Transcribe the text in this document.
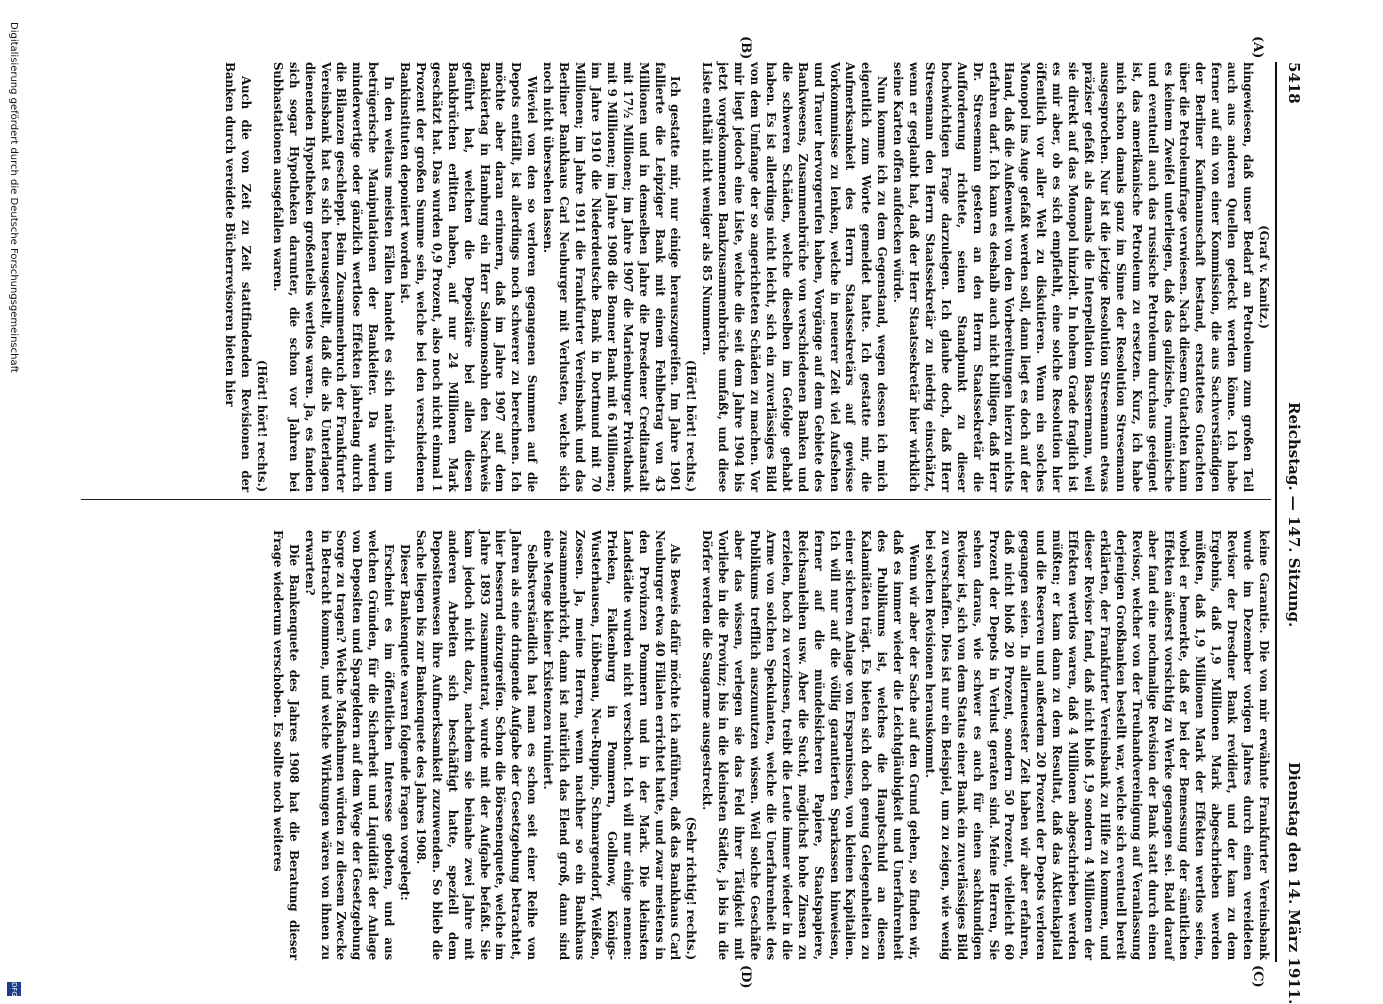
5418
Reichstag. — 147. Sitzung.
Dienstag den 14. März 1911.
(A)
(B)
(C)
(D)

(Graf v. Kanitz.)

hingewiesen, daß unser Bedarf an Petroleum zum großen Teil auch aus anderen Quellen gedeckt werden könne. Ich habe ferner auf ein von einer Kommission, die aus Sachverständigen der Berliner Kaufmannschaft bestand, erstattetes Gutachten über die Petroleumfrage verwiesen. Nach diesem Gutachten kann es keinem Zweifel unterliegen, daß das galizische, rumänische und eventuell auch das russische Petroleum durchaus geeignet ist, das amerikanische Petroleum zu ersetzen. Kurz, ich habe mich schon damals ganz im Sinne der Resolution Stresemann ausgesprochen. Nur ist die jetzige Resolution Stresemann etwas präziser gefaßt als damals die Interpellation Bassermann, weil sie direkt auf das Monopol hinzielt. In hohem Grade fraglich ist es mir aber, ob es sich empfiehlt, eine solche Resolution hier öffentlich vor aller Welt zu diskutieren. Wenn ein solches Monopol ins Auge gefaßt werden soll, dann liegt es doch auf der Hand, daß die Außenwelt von den Vorbereitungen hierzu nichts erfahren darf. Ich kann es deshalb auch nicht billigen, daß Herr Dr. Stresemann gestern an den Herrn Staatssekretär die Aufforderung richtete, seinen Standpunkt zu dieser hochwichtigen Frage darzulegen. Ich glaube doch, daß Herr Stresemann den Herrn Staatssekretär zu niedrig einschätzt, wenn er geglaubt hat, daß der Herr Staatssekretär hier wirklich seine Karten offen aufdecken würde.

Nun komme ich zu dem Gegenstand, wegen dessen ich mich eigentlich zum Worte gemeldet hatte. Ich gestatte mir, die Aufmerksamkeit des Herrn Staatssekretärs auf gewisse Vorkommnisse zu lenken, welche in neuerer Zeit viel Aufsehen und Trauer hervorgerufen haben, Vorgänge auf dem Gebiete des Bankwesens, Zusammenbrüche von verschiedenen Banken und die schweren Schäden, welche dieselben im Gefolge gehabt haben. Es ist allerdings nicht leicht, sich ein zuverlässiges Bild von dem Umfange der so angerichteten Schäden zu machen. Vor mir liegt jedoch eine Liste, welche die seit dem Jahre 1904 bis jetzt vorgekommenen Bankzusammenbrüche umfaßt, und diese Liste enthält nicht weniger als 85 Nummern.

(Hört! hört! rechts.)

Ich gestatte mir, nur einige herauszugreifen. Im Jahre 1901 fallierte die Leipziger Bank mit einem Fehlbetrag von 43 Millionen und in demselben Jahre die Dresdener Creditanstalt mit 17½ Millionen; im Jahre 1907 die Marienburger Privatbank mit 9 Millionen; im Jahre 1908 die Bonner Bank mit 6 Millionen; im Jahre 1910 die Niederdeutsche Bank in Dortmund mit 70 Millionen; im Jahre 1911 die Frankfurter Vereinsbank und das Berliner Bankhaus Carl Neuburger mit Verlusten, welche sich noch nicht übersehen lassen.

Wieviel von den so verloren gegangenen Summen auf die Depots entfällt, ist allerdings noch schwerer zu berechnen. Ich möchte aber daran erinnern, daß im Jahre 1907 auf dem Bankiertag in Hamburg ein Herr Salomonsohn den Nachweis geführt hat, welchen die Depositäre bei allen diesen Bankbrüchen erlitten haben, auf nur 24 Millionen Mark geschätzt hat. Das wurden 0,9 Prozent, also noch nicht einmal 1 Prozent der großen Summe sein, welche bei den verschiedenen Bankinstituten deponiert worden ist.

In den weitaus meisten Fällen handelt es sich natürlich um betrügerische Manipulationen der Bankleiter. Da wurden minderwertige oder gänzlich wertlose Effekten jahrelang durch die Bilanzen geschleppt. Beim Zusammenbruch der Frankfurter Vereinsbank hat es sich herausgestellt, daß die als Unterlagen dienenden Hypotheken großenteils wertlos waren. Ja, es fanden sich sogar Hypotheken darunter, die schon vor Jahren bei Subhastationen ausgefallen waren.

(Hört! hört! rechts.)

Auch die von Zeit zu Zeit stattfindenden Revisionen der Banken durch vereidete Bücherrevisoren bieten hier

keine Garantie. Die von mir erwähnte Frankfurter Vereinsbank wurde im Dezember vorigen Jahres durch einen vereideten Revisor der Dresdner Bank revidiert, und der kam zu dem Ergebnis, daß 1,9 Millionen Mark abgeschrieben werden müßten, daß 1,9 Millionen Mark der Effekten wertlos seien, wobei er bemerkte, daß er bei der Bemessung der sämtlichen Effekten äußerst vorsichtig zu Werke gegangen sei. Bald darauf aber fand eine nochmalige Revision der Bank statt durch einen Revisor, welcher von der Treuhandvereinigung auf Veranlassung derjenigen Großbanken bestellt war, welche sich eventuell bereit erklärten, der Frankfurter Vereinsbank zu Hilfe zu kommen, und dieser Revisor fand, daß nicht bloß 1,9 sondern 4 Millionen der Effekten wertlos waren, daß 4 Millionen abgeschrieben werden müßten; er kam dann zu dem Resultat, daß das Aktienkapital und die Reserven und außerdem 20 Prozent der Depots verloren gegangen seien. In allerneuester Zeit haben wir aber erfahren, daß nicht bloß 20 Prozent, sondern 50 Prozent, vielleicht 60 Prozent der Depots in Verlust geraten sind. Meine Herren, Sie sehen daraus, wie schwer es auch für einen sachkundigen Revisor ist, sich von dem Status einer Bank ein zuverlässiges Bild zu verschaffen. Dies ist nur ein Beispiel, um zu zeigen, wie wenig bei solchen Revisionen herauskommt.

Wenn wir aber der Sache auf den Grund gehen, so finden wir, daß es immer wieder die Leichtgläubigkeit und Unerfahrenheit des Publikums ist, welches die Hauptschuld an diesen Kalamitäten trägt. Es bieten sich doch genug Gelegenheiten zu einer sicheren Anlage von Ersparnissen, von kleinen Kapitalien. Ich will nur auf die völlig garantierten Sparkassen hinweisen, ferner auf die mündelsicheren Papiere, Staatspapiere, Reichsanleihen usw. Aber die Sucht, möglichst hohe Zinsen zu erzielen, hoch zu verzinsen, treibt die Leute immer wieder in die Arme von solchen Spekulanten, welche die Unerfahrenheit des Publikums trefflich auszunutzen wissen. Weil solche Geschäfte aber das wissen, verlegen sie das Feld ihrer Tätigkeit mit Vorliebe in die Provinz; bis in die kleinsten Städte, ja bis in die Dörfer werden die Saugarme ausgestreckt.

(Sehr richtig! rechts.)

Als Beweis dafür möchte ich anführen, daß das Bankhaus Carl Neuburger etwa 40 Filialen errichtet hatte, und zwar meistens in den Provinzen Pommern und in der Mark. Die kleinsten Landstädte wurden nicht verschont. Ich will nur einige nennen: Prieken, Falkenburg in Pommern, Gollnow, Königs-Wusterhausen, Lübbenau, Neu-Ruppin, Schmargendorf, Weißen, Zossen. Ja, meine Herren, wenn nachher so ein Bankhaus zusammenbricht, dann ist natürlich das Elend groß, dann sind eine Menge kleiner Existenzen ruiniert.

Selbstverständlich hat man es schon seit einer Reihe von Jahren als eine dringende Aufgabe der Gesetzgebung betrachtet, hier bessernd einzugreifen. Schon die Börsenenquete, welche im Jahre 1893 zusammentrat, wurde mit der Aufgabe befaßt. Sie kam jedoch nicht dazu, nachdem sie beinahe zwei Jahre mit anderen Arbeiten sich beschäftigt hatte, speziell dem Depositenwesen ihre Aufmerksamkeit zuzuwenden. So blieb die Sache liegen bis zur Bankenquete des Jahres 1908.

Dieser Bankenquete waren folgende Fragen vorgelegt:

Erscheint es im öffentlichen Interesse geboten, und aus welchen Gründen, für die Sicherheit und Liquidität der Anlage von Depositen und Spargeldern auf dem Wege der Gesetzgebung Sorge zu tragen? Welche Maßnahmen würden zu diesem Zwecke in Betracht kommen, und welche Wirkungen wären von ihnen zu erwarten?

Die Bankenquete des Jahres 1908 hat die Beratung dieser Frage wiederum verschoben. Es sollte noch weiteres

Digitalisierung gefördert durch die Deutsche Forschungsgemeinschaft
DFG
